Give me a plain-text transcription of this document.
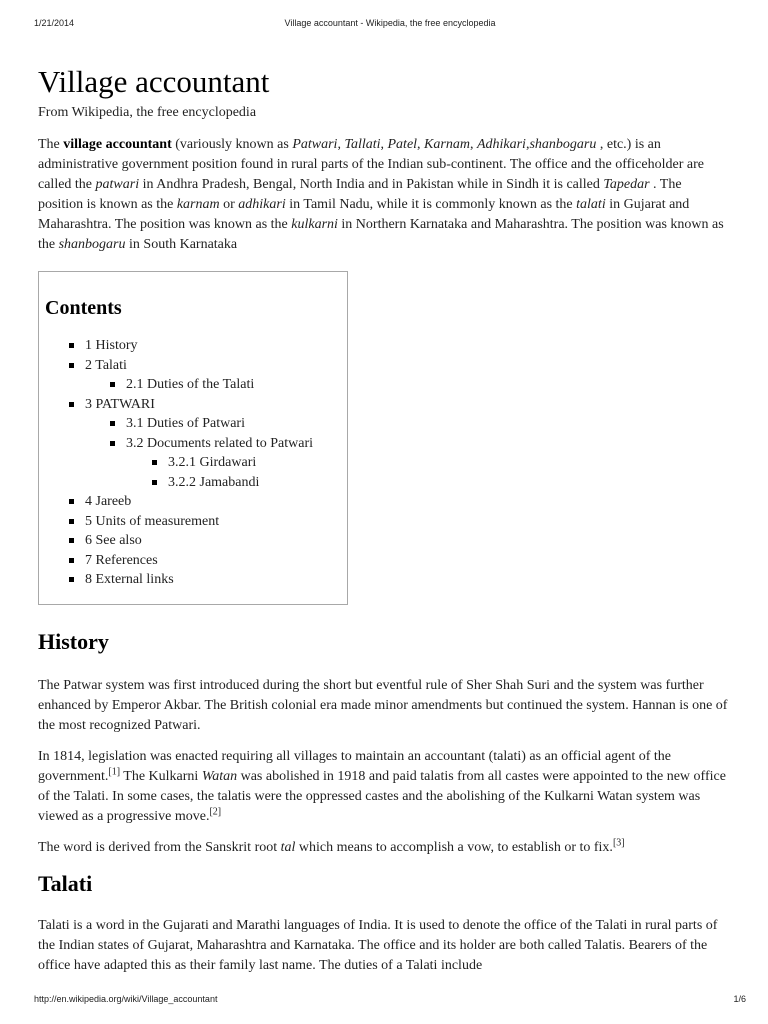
1/21/2014	Village accountant - Wikipedia, the free encyclopedia
Village accountant
From Wikipedia, the free encyclopedia

The village accountant (variously known as Patwari, Tallati, Patel, Karnam, Adhikari,shanbogaru , etc.) is an administrative government position found in rural parts of the Indian sub-continent. The office and the officeholder are called the patwari in Andhra Pradesh, Bengal, North India and in Pakistan while in Sindh it is called Tapedar . The position is known as the karnam or adhikari in Tamil Nadu, while it is commonly known as the talati in Gujarat and Maharashtra. The position was known as the kulkarni in Northern Karnataka and Maharashtra. The position was known as the shanbogaru in South Karnataka

Contents
1 History
2 Talati
2.1 Duties of the Talati
3 PATWARI
3.1 Duties of Patwari
3.2 Documents related to Patwari
3.2.1 Girdawari
3.2.2 Jamabandi
4 Jareeb
5 Units of measurement
6 See also
7 References
8 External links
History

The Patwar system was first introduced during the short but eventful rule of Sher Shah Suri and the system was further enhanced by Emperor Akbar. The British colonial era made minor amendments but continued the system. Hannan is one of the most recognized Patwari.

In 1814, legislation was enacted requiring all villages to maintain an accountant (talati) as an official agent of the government.[1] The Kulkarni Watan was abolished in 1918 and paid talatis from all castes were appointed to the new office of the Talati. In some cases, the talatis were the oppressed castes and the abolishing of the Kulkarni Watan system was viewed as a progressive move.[2]

The word is derived from the Sanskrit root tal which means to accomplish a vow, to establish or to fix.[3]

Talati

Talati is a word in the Gujarati and Marathi languages of India. It is used to denote the office of the Talati in rural parts of the Indian states of Gujarat, Maharashtra and Karnataka. The office and its holder are both called Talatis. Bearers of the office have adapted this as their family last name. The duties of a Talati include

http://en.wikipedia.org/wiki/Village_accountant	1/6
